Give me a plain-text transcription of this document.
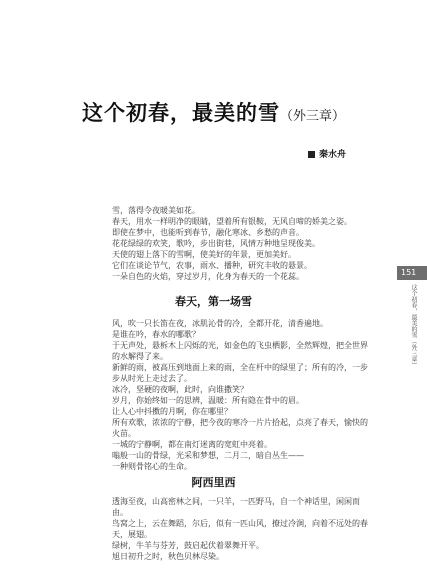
这个初春，最美的雪（外三章）
秦水舟

雪，落得令夜暖美如花。

春天，用水一样明净的眼睛，望着所有银鞍，无风自啼的娇美之姿。

即使在梦中，也能听到春节，融化寒冰、乡愁的声音。

花花绿绿的欢笑，歌吟，步出街巷，风情万种地呈现俊美。

天使的翅上落下的雪啊，使美好的年景，更加美好。

它们在谈论节气，农事，雨水、播种，研究丰收的悬景。

一朵自色的火焰，穿过岁月，化身为春天的一个花蕊。

春天，第一场雪

风，吹一只长笛在夜，冰肌沁骨的冷，全都开花，清香遍地。

是谁在吟，春水的哪歌？

于无声处，悬柝木上闪烁的光，如金色的飞虫栖影，全然辉煌，把全世界的水解得了来。

新鲜的雨，被高压到地面上来的雨，全在杆中的绿里了；所有的冷，一步步从时光上走过去了。

冰冷，坚硬的夜啊，此时，向谁撒笑？

岁月，你始终如一的思辨，温暖：所有隐在骨中的眉。

让人心中抖擞的月啊，你在哪里？

所有欢歌，浓浓的宁静，把今夜的寒冷一片片拾起，点亮了春天，愉快的火苗。

一城的宁静啊，都在南灯迷离的宽虹中亮着。

嗡般一山的骨绿，光采和梦想，二月二，暗自丛生——

一种则骨铭心的生命。

阿西里西

透海至夜，山高密林之间，一只羊，一匹野马，自一个神话里，闲闲而由。

鸟窝之上，云在舞蹈，尔后，似有一匹山风，撩过冷涧，向着不远处的春天，展翅。

绿树，牛羊与芬芳，鼓启起伏着翠舞开平。

旭日初升之时，秋色贝林尽染。

151
这个初春，最美的雪（外三章）
